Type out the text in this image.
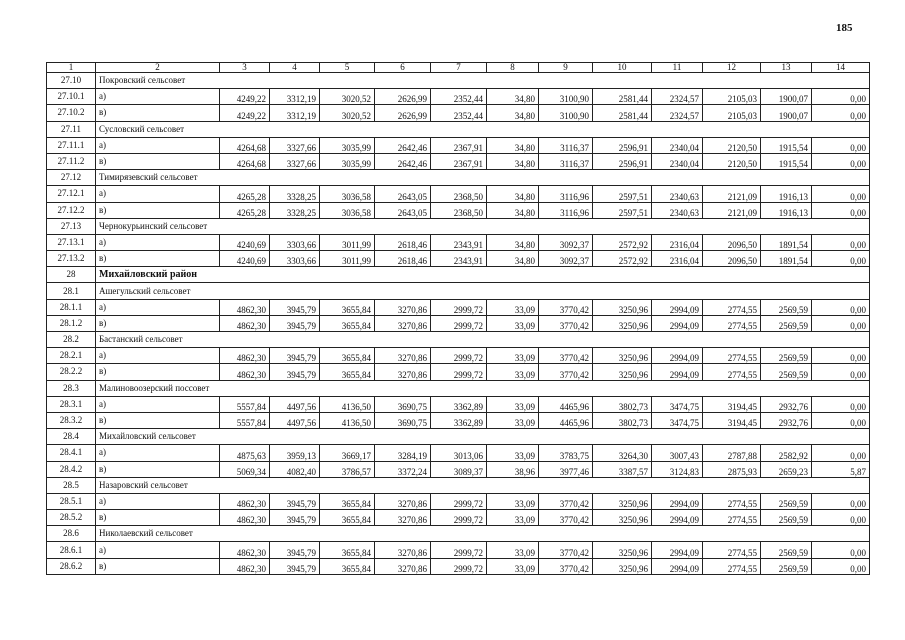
185
1	2	3	4	5	6	7	8	9	10	11	12	13	14
27.10	Покровский сельсовет												
27.10.1	а)	4249,22	3312,19	3020,52	2626,99	2352,44	34,80	3100,90	2581,44	2324,57	2105,03	1900,07	0,00
27.10.2	в)	4249,22	3312,19	3020,52	2626,99	2352,44	34,80	3100,90	2581,44	2324,57	2105,03	1900,07	0,00
27.11	Сусловский сельсовет												
27.11.1	а)	4264,68	3327,66	3035,99	2642,46	2367,91	34,80	3116,37	2596,91	2340,04	2120,50	1915,54	0,00
27.11.2	в)	4264,68	3327,66	3035,99	2642,46	2367,91	34,80	3116,37	2596,91	2340,04	2120,50	1915,54	0,00
27.12	Тимирязевский сельсовет												
27.12.1	а)	4265,28	3328,25	3036,58	2643,05	2368,50	34,80	3116,96	2597,51	2340,63	2121,09	1916,13	0,00
27.12.2	в)	4265,28	3328,25	3036,58	2643,05	2368,50	34,80	3116,96	2597,51	2340,63	2121,09	1916,13	0,00
27.13	Чернокурьинский сельсовет												
27.13.1	а)	4240,69	3303,66	3011,99	2618,46	2343,91	34,80	3092,37	2572,92	2316,04	2096,50	1891,54	0,00
27.13.2	в)	4240,69	3303,66	3011,99	2618,46	2343,91	34,80	3092,37	2572,92	2316,04	2096,50	1891,54	0,00
28	Михайловский район												
28.1	Ашегульский сельсовет												
28.1.1	а)	4862,30	3945,79	3655,84	3270,86	2999,72	33,09	3770,42	3250,96	2994,09	2774,55	2569,59	0,00
28.1.2	в)	4862,30	3945,79	3655,84	3270,86	2999,72	33,09	3770,42	3250,96	2994,09	2774,55	2569,59	0,00
28.2	Бастанский сельсовет												
28.2.1	а)	4862,30	3945,79	3655,84	3270,86	2999,72	33,09	3770,42	3250,96	2994,09	2774,55	2569,59	0,00
28.2.2	в)	4862,30	3945,79	3655,84	3270,86	2999,72	33,09	3770,42	3250,96	2994,09	2774,55	2569,59	0,00
28.3	Малиновоозерский поссовет												
28.3.1	а)	5557,84	4497,56	4136,50	3690,75	3362,89	33,09	4465,96	3802,73	3474,75	3194,45	2932,76	0,00
28.3.2	в)	5557,84	4497,56	4136,50	3690,75	3362,89	33,09	4465,96	3802,73	3474,75	3194,45	2932,76	0,00
28.4	Михайловский сельсовет												
28.4.1	а)	4875,63	3959,13	3669,17	3284,19	3013,06	33,09	3783,75	3264,30	3007,43	2787,88	2582,92	0,00
28.4.2	в)	5069,34	4082,40	3786,57	3372,24	3089,37	38,96	3977,46	3387,57	3124,83	2875,93	2659,23	5,87
28.5	Назаровский сельсовет												
28.5.1	а)	4862,30	3945,79	3655,84	3270,86	2999,72	33,09	3770,42	3250,96	2994,09	2774,55	2569,59	0,00
28.5.2	в)	4862,30	3945,79	3655,84	3270,86	2999,72	33,09	3770,42	3250,96	2994,09	2774,55	2569,59	0,00
28.6	Николаевский сельсовет												
28.6.1	а)	4862,30	3945,79	3655,84	3270,86	2999,72	33,09	3770,42	3250,96	2994,09	2774,55	2569,59	0,00
28.6.2	в)	4862,30	3945,79	3655,84	3270,86	2999,72	33,09	3770,42	3250,96	2994,09	2774,55	2569,59	0,00
